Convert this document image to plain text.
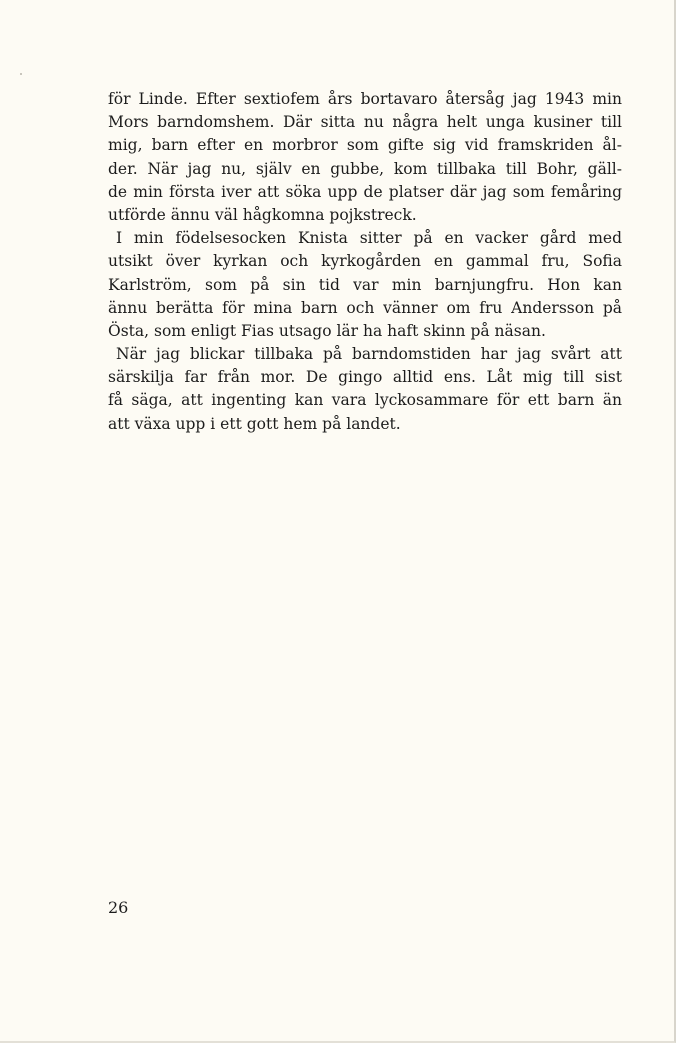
för Linde. Efter sextiofem års bortavaro återsåg jag 1943 min
Mors barndomshem. Där sitta nu några helt unga kusiner till
mig, barn efter en morbror som gifte sig vid framskriden ål-
der. När jag nu, själv en gubbe, kom tillbaka till Bohr, gäll-
de min första iver att söka upp de platser där jag som femåring
utförde ännu väl hågkomna pojkstreck.
I min födelsesocken Knista sitter på en vacker gård med
utsikt över kyrkan och kyrkogården en gammal fru, Sofia
Karlström, som på sin tid var min barnjungfru. Hon kan
ännu berätta för mina barn och vänner om fru Andersson på
Östa, som enligt Fias utsago lär ha haft skinn på näsan.
När jag blickar tillbaka på barndomstiden har jag svårt att
särskilja far från mor. De gingo alltid ens. Låt mig till sist
få säga, att ingenting kan vara lyckosammare för ett barn än
att växa upp i ett gott hem på landet.
26
